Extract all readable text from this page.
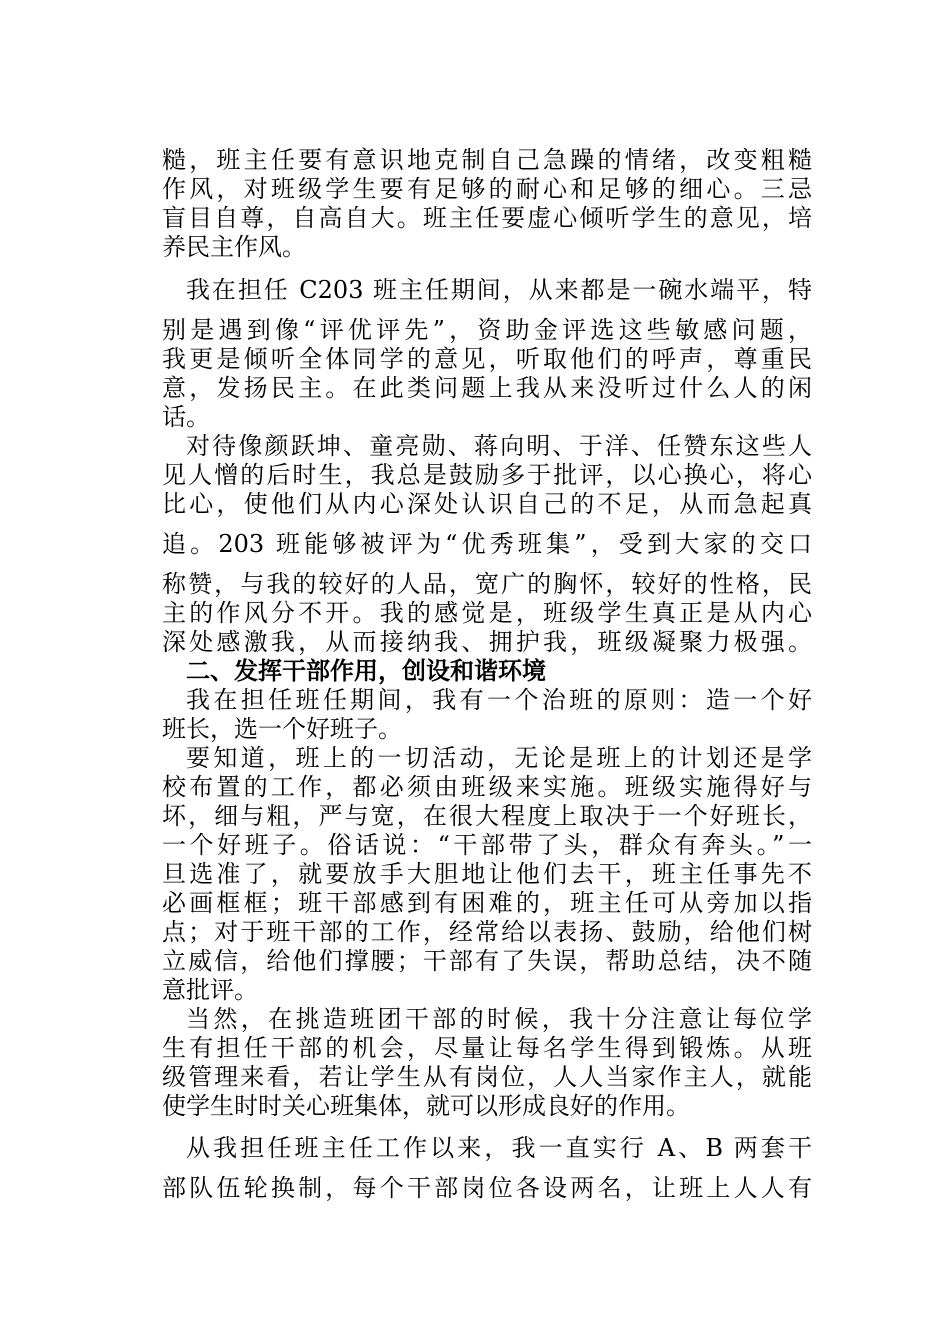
糙，班主任要有意识地克制自己急躁的情绪，改变粗糙
作风，对班级学生要有足够的耐心和足够的细心。三忌
盲目自尊，自高自大。班主任要虚心倾听学生的意见，培
养民主作风。
我在担任 C203 班主任期间，从来都是一碗水端平，特
别是遇到像“评优评先”，资助金评选这些敏感问题，
我更是倾听全体同学的意见，听取他们的呼声，尊重民
意，发扬民主。在此类问题上我从来没听过什么人的闲
话。
对待像颜跃坤、童亮勋、蒋向明、于洋、任赞东这些人
见人憎的后时生，我总是鼓励多于批评，以心换心，将心
比心，使他们从内心深处认识自己的不足，从而急起真
追。203 班能够被评为“优秀班集”，受到大家的交口
称赞，与我的较好的人品，宽广的胸怀，较好的性格，民
主的作风分不开。我的感觉是，班级学生真正是从内心
深处感激我，从而接纳我、拥护我，班级凝聚力极强。
二、发挥干部作用，创设和谐环境
我在担任班任期间，我有一个治班的原则：造一个好
班长，选一个好班子。
要知道，班上的一切活动，无论是班上的计划还是学
校布置的工作，都必须由班级来实施。班级实施得好与
坏，细与粗，严与宽，在很大程度上取决于一个好班长，
一个好班子。俗话说：“干部带了头，群众有奔头。”一
旦选准了，就要放手大胆地让他们去干，班主任事先不
必画框框；班干部感到有困难的，班主任可从旁加以指
点；对于班干部的工作，经常给以表扬、鼓励，给他们树
立威信，给他们撑腰；干部有了失误，帮助总结，决不随
意批评。
当然，在挑造班团干部的时候，我十分注意让每位学
生有担任干部的机会，尽量让每名学生得到锻炼。从班
级管理来看，若让学生从有岗位，人人当家作主人，就能
使学生时时关心班集体，就可以形成良好的作用。
从我担任班主任工作以来，我一直实行 A、B 两套干
部队伍轮换制，每个干部岗位各设两名，让班上人人有
